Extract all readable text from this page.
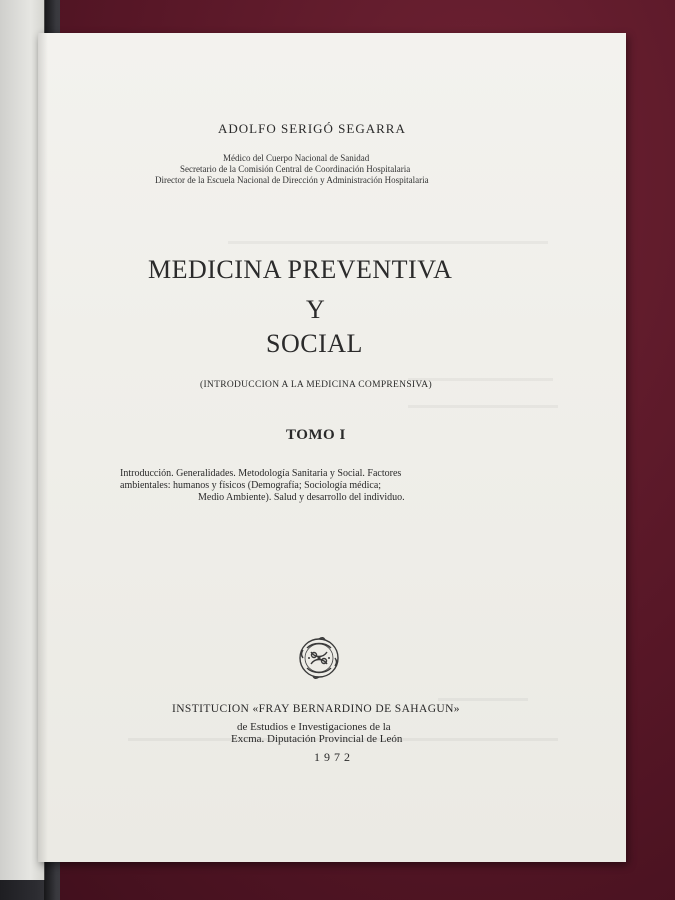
ADOLFO SERIGÓ SEGARRA
Médico del Cuerpo Nacional de Sanidad
Secretario de la Comisión Central de Coordinación Hospitalaria
Director de la Escuela Nacional de Dirección y Administración Hospitalaria
MEDICINA PREVENTIVA
Y
SOCIAL
(INTRODUCCION A LA MEDICINA COMPRENSIVA)
TOMO I
Introducción. Generalidades. Metodología Sanitaria y Social. Factores
ambientales: humanos y físicos (Demografía; Sociología médica;
Medio Ambiente). Salud y desarrollo del individuo.
INSTITUCION «FRAY BERNARDINO DE SAHAGUN»
de Estudios e Investigaciones de la
Excma. Diputación Provincial de León
1972
